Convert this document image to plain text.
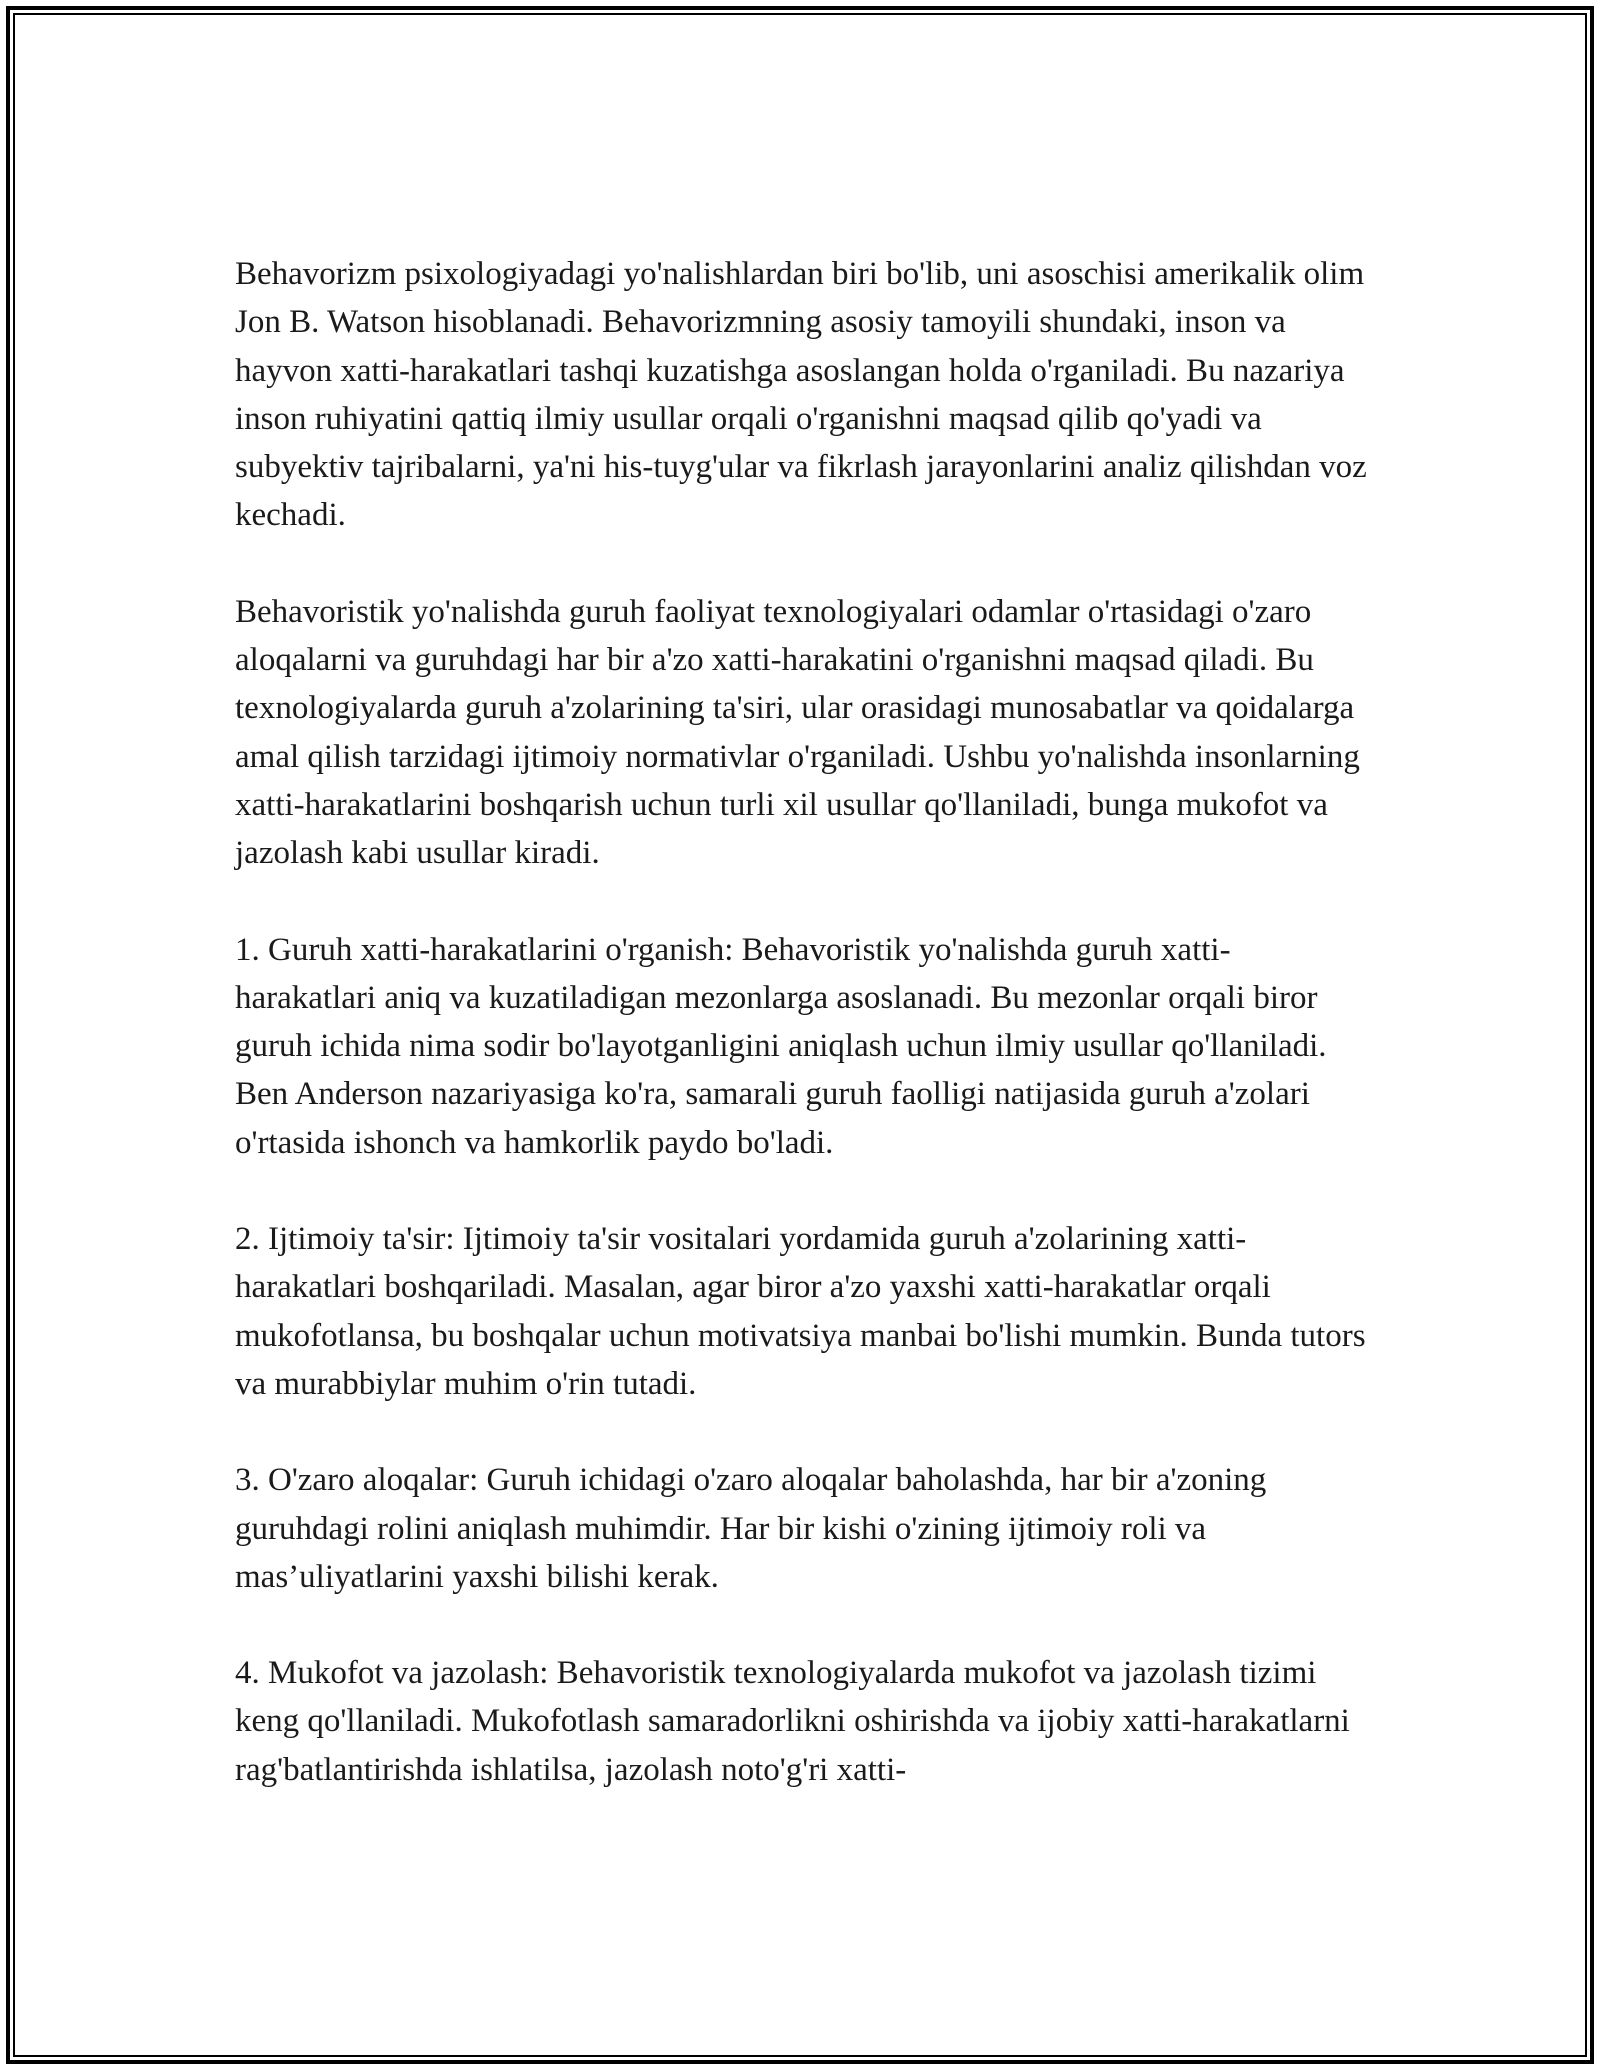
Behavorizm psixologiyadagi yo'nalishlardan biri bo'lib, uni asoschisi amerikalik olim Jon B. Watson hisoblanadi. Behavorizmning asosiy tamoyili shundaki, inson va hayvon xatti-harakatlari tashqi kuzatishga asoslangan holda o'rganiladi. Bu nazariya inson ruhiyatini qattiq ilmiy usullar orqali o'rganishni maqsad qilib qo'yadi va subyektiv tajribalarni, ya'ni his-tuyg'ular va fikrlash jarayonlarini analiz qilishdan voz kechadi.

Behavoristik yo'nalishda guruh faoliyat texnologiyalari odamlar o'rtasidagi o'zaro aloqalarni va guruhdagi har bir a'zo xatti-harakatini o'rganishni maqsad qiladi. Bu texnologiyalarda guruh a'zolarining ta'siri, ular orasidagi munosabatlar va qoidalarga amal qilish tarzidagi ijtimoiy normativlar o'rganiladi. Ushbu yo'nalishda insonlarning xatti-harakatlarini boshqarish uchun turli xil usullar qo'llaniladi, bunga mukofot va jazolash kabi usullar kiradi.

1. Guruh xatti-harakatlarini o'rganish: Behavoristik yo'nalishda guruh xatti-harakatlari aniq va kuzatiladigan mezonlarga asoslanadi. Bu mezonlar orqali biror guruh ichida nima sodir bo'layotganligini aniqlash uchun ilmiy usullar qo'llaniladi. Ben Anderson nazariyasiga ko'ra, samarali guruh faolligi natijasida guruh a'zolari o'rtasida ishonch va hamkorlik paydo bo'ladi.

2. Ijtimoiy ta'sir: Ijtimoiy ta'sir vositalari yordamida guruh a'zolarining xatti-harakatlari boshqariladi. Masalan, agar biror a'zo yaxshi xatti-harakatlar orqali mukofotlansa, bu boshqalar uchun motivatsiya manbai bo'lishi mumkin. Bunda tutors va murabbiylar muhim o'rin tutadi.

3. O'zaro aloqalar: Guruh ichidagi o'zaro aloqalar baholashda, har bir a'zoning guruhdagi rolini aniqlash muhimdir. Har bir kishi o'zining ijtimoiy roli va mas’uliyatlarini yaxshi bilishi kerak.

4. Mukofot va jazolash: Behavoristik texnologiyalarda mukofot va jazolash tizimi keng qo'llaniladi. Mukofotlash samaradorlikni oshirishda va ijobiy xatti-harakatlarni rag'batlantirishda ishlatilsa, jazolash noto'g'ri xatti-
